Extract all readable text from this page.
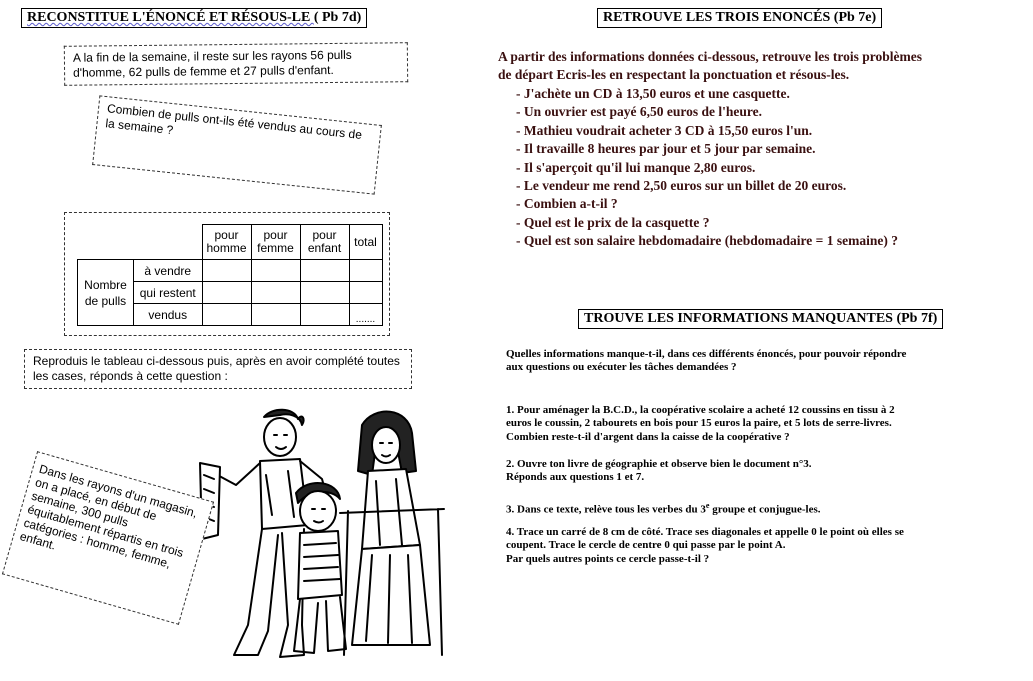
RECONSTITUE L'ÉNONCÉ ET RÉSOUS-LE ( Pb 7d)
A la fin de la semaine, il reste sur les rayons 56 pulls d'homme, 62 pulls de femme et 27 pulls d'enfant.
Combien de pulls ont-ils été vendus au cours de la semaine ?
		pour homme	pour femme	pour enfant	total
Nombre de pulls	à vendre				
	qui restent				
	vendus				.......
Reproduis le tableau ci-dessous puis, après en avoir complété toutes les cases, réponds à cette question :
Dans les rayons d'un magasin, on a placé, en début de semaine, 300 pulls équitablement répartis en trois catégories : homme, femme, enfant.
RETROUVE LES TROIS ENONCÉS (Pb 7e)
A partir des informations données ci-dessous, retrouve les trois problèmes
de départ Ecris-les en respectant la ponctuation et résous-les.
- J'achète un CD à 13,50 euros et une casquette.
- Un ouvrier est payé 6,50 euros de l'heure.
- Mathieu voudrait acheter 3 CD à 15,50 euros l'un.
- Il travaille 8 heures par jour et 5 jour par semaine.
- Il s'aperçoit qu'il lui manque 2,80 euros.
- Le vendeur me rend 2,50 euros sur un billet de 20 euros.
- Combien a-t-il ?
- Quel est le prix de la casquette ?
- Quel est son salaire hebdomadaire (hebdomadaire = 1 semaine) ?
TROUVE LES INFORMATIONS MANQUANTES (Pb 7f)
Quelles informations manque-t-il, dans ces différents énoncés, pour pouvoir répondre
aux questions ou exécuter les tâches demandées ?
1. Pour aménager la B.C.D., la coopérative scolaire a acheté 12 coussins en tissu à 2
euros le coussin, 2 tabourets en bois pour 15 euros la paire, et 5 lots de serre-livres.
Combien reste-t-il d'argent dans la caisse de la coopérative ?
2. Ouvre ton livre de géographie et observe bien le document n°3.
Réponds aux questions 1 et 7.
3. Dans ce texte, relève tous les verbes du 3e groupe et conjugue-les.
4. Trace un carré de 8 cm de côté. Trace ses diagonales et appelle 0 le point où elles se
coupent. Trace le cercle de centre 0 qui passe par le point A.
Par quels autres points ce cercle passe-t-il ?
